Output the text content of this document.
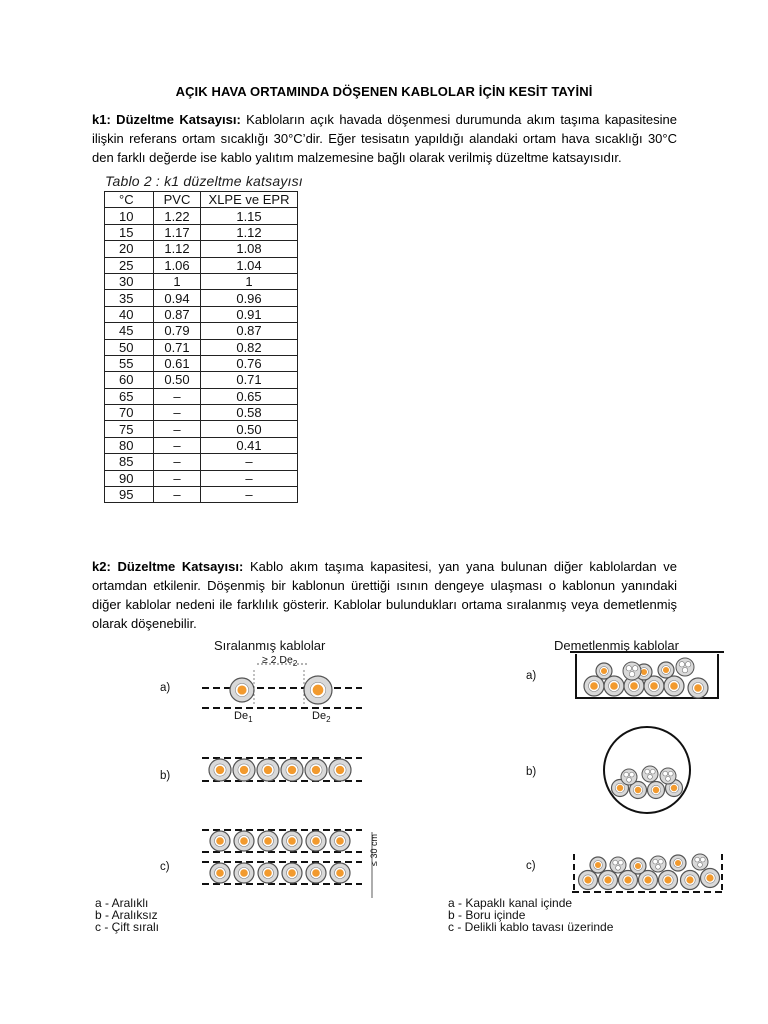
AÇIK HAVA ORTAMINDA DÖŞENEN KABLOLAR İÇİN KESİT TAYİNİ
k1: Düzeltme Katsayısı: Kabloların açık havada döşenmesi durumunda akım taşıma kapasitesine ilişkin referans ortam sıcaklığı 30°C’dir. Eğer tesisatın yapıldığı alandaki ortam hava sıcaklığı 30°C den farklı değerde ise kablo yalıtım malzemesine bağlı olarak verilmiş düzeltme katsayısıdır.
Tablo 2 : k1 düzeltme katsayısı
°C	PVC	XLPE ve EPR
10	1.22	1.15
15	1.17	1.12
20	1.12	1.08
25	1.06	1.04
30	1	1
35	0.94	0.96
40	0.87	0.91
45	0.79	0.87
50	0.71	0.82
55	0.61	0.76
60	0.50	0.71
65	–	0.65
70	–	0.58
75	–	0.50
80	–	0.41
85	–	–
90	–	–
95	–	–
k2: Düzeltme Katsayısı: Kablo akım taşıma kapasitesi, yan yana bulunan diğer kablolardan ve ortamdan etkilenir. Döşenmiş bir kablonun ürettiği ısının dengeye ulaşması o kablonun yanındaki diğer kablolar nedeni ile farklılık gösterir. Kablolar bulundukları ortama sıralanmış veya demetlenmiş olarak döşenebilir.
Sıralanmış kablolar	Demetlenmiş kablolar
≥ 2 $De_2$
$De_1$	$De_2$
≤ 30 cm
a)
b)
c)
a)
b)
c)
a - Aralıklı
b - Aralıksız
c - Çift sıralı
a - Kapaklı kanal içinde
b - Boru içinde
c - Delikli kablo tavası üzerinde
